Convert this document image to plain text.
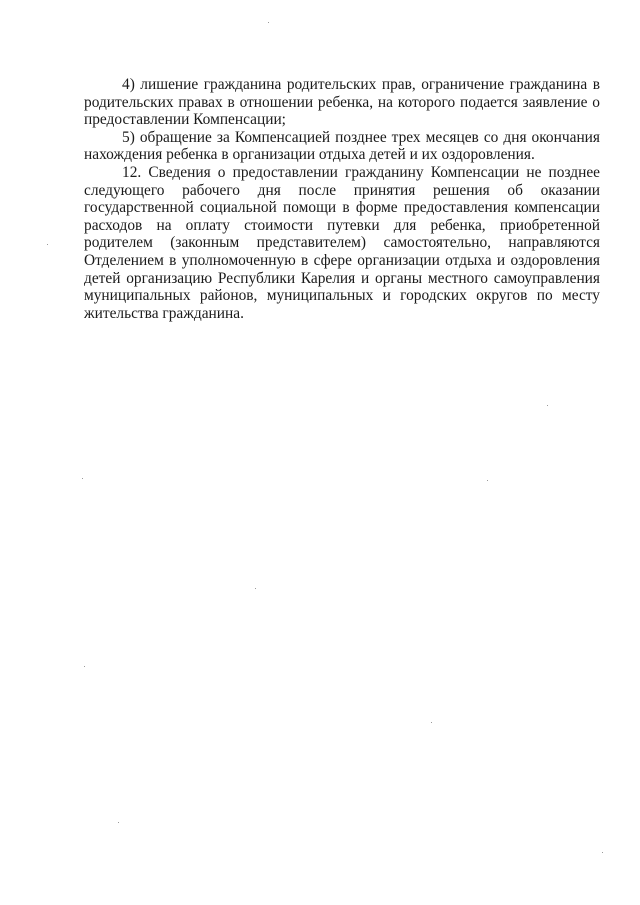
4) лишение гражданина родительских прав, ограничение гражданина в родительских правах в отношении ребенка, на которого подается заявление о предоставлении Компенсации;

5) обращение за Компенсацией позднее трех месяцев со дня окончания нахождения ребенка в организации отдыха детей и их оздоровления.

12. Сведения о предоставлении гражданину Компенсации не позднее следующего рабочего дня после принятия решения об оказании государственной социальной помощи в форме предоставления компенсации расходов на оплату стоимости путевки для ребенка, приобретенной родителем (законным представителем) самостоятельно, направляются Отделением в уполномоченную в сфере организации отдыха и оздоровления детей организацию Республики Карелия и органы местного самоуправления муниципальных районов, муниципальных и городских округов по месту жительства гражданина.
